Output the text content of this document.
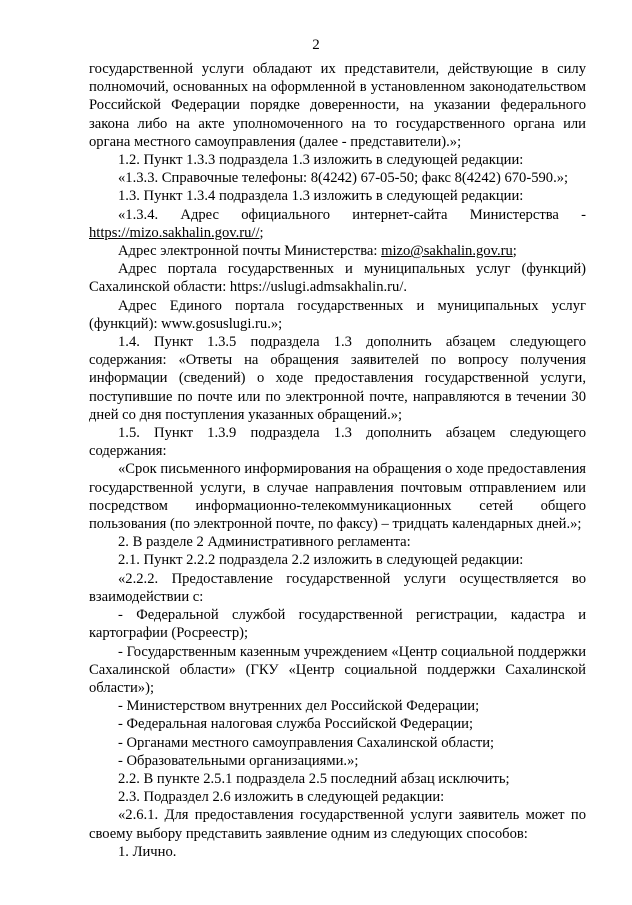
2

государственной услуги обладают их представители, действующие в силу полномочий, основанных на оформленной в установленном законодательством Российской Федерации порядке доверенности, на указании федерального закона либо на акте уполномоченного на то государственного органа или органа местного самоуправления (далее - представители).»;

1.2. Пункт 1.3.3 подраздела 1.3 изложить в следующей редакции:

«1.3.3. Справочные телефоны: 8(4242) 67-05-50; факс 8(4242) 670-590.»;

1.3. Пункт 1.3.4 подраздела 1.3 изложить в следующей редакции:

«1.3.4. Адрес официального интернет-сайта Министерства - https://mizo.sakhalin.gov.ru//;

Адрес электронной почты Министерства: mizo@sakhalin.gov.ru;

Адрес портала государственных и муниципальных услуг (функций) Сахалинской области: https://uslugi.admsakhalin.ru/.

Адрес Единого портала государственных и муниципальных услуг (функций): www.gosuslugi.ru.»;

1.4. Пункт 1.3.5 подраздела 1.3 дополнить абзацем следующего содержания: «Ответы на обращения заявителей по вопросу получения информации (сведений) о ходе предоставления государственной услуги, поступившие по почте или по электронной почте, направляются в течении 30 дней со дня поступления указанных обращений.»;

1.5. Пункт 1.3.9 подраздела 1.3 дополнить абзацем следующего содержания:

«Срок письменного информирования на обращения о ходе предоставления государственной услуги, в случае направления почтовым отправлением или посредством информационно-телекоммуникационных сетей общего пользования (по электронной почте, по факсу) – тридцать календарных дней.»;

2. В разделе 2 Административного регламента:

2.1. Пункт 2.2.2 подраздела 2.2 изложить в следующей редакции:

«2.2.2. Предоставление государственной услуги осуществляется во взаимодействии с:

- Федеральной службой государственной регистрации, кадастра и картографии (Росреестр);

- Государственным казенным учреждением «Центр социальной поддержки Сахалинской области» (ГКУ «Центр социальной поддержки Сахалинской области»);

- Министерством внутренних дел Российской Федерации;

- Федеральная налоговая служба Российской Федерации;

- Органами местного самоуправления Сахалинской области;

- Образовательными организациями.»;

2.2. В пункте 2.5.1 подраздела 2.5 последний абзац исключить;

2.3. Подраздел 2.6 изложить в следующей редакции:

«2.6.1. Для предоставления государственной услуги заявитель может по своему выбору представить заявление одним из следующих способов:

1. Лично.
